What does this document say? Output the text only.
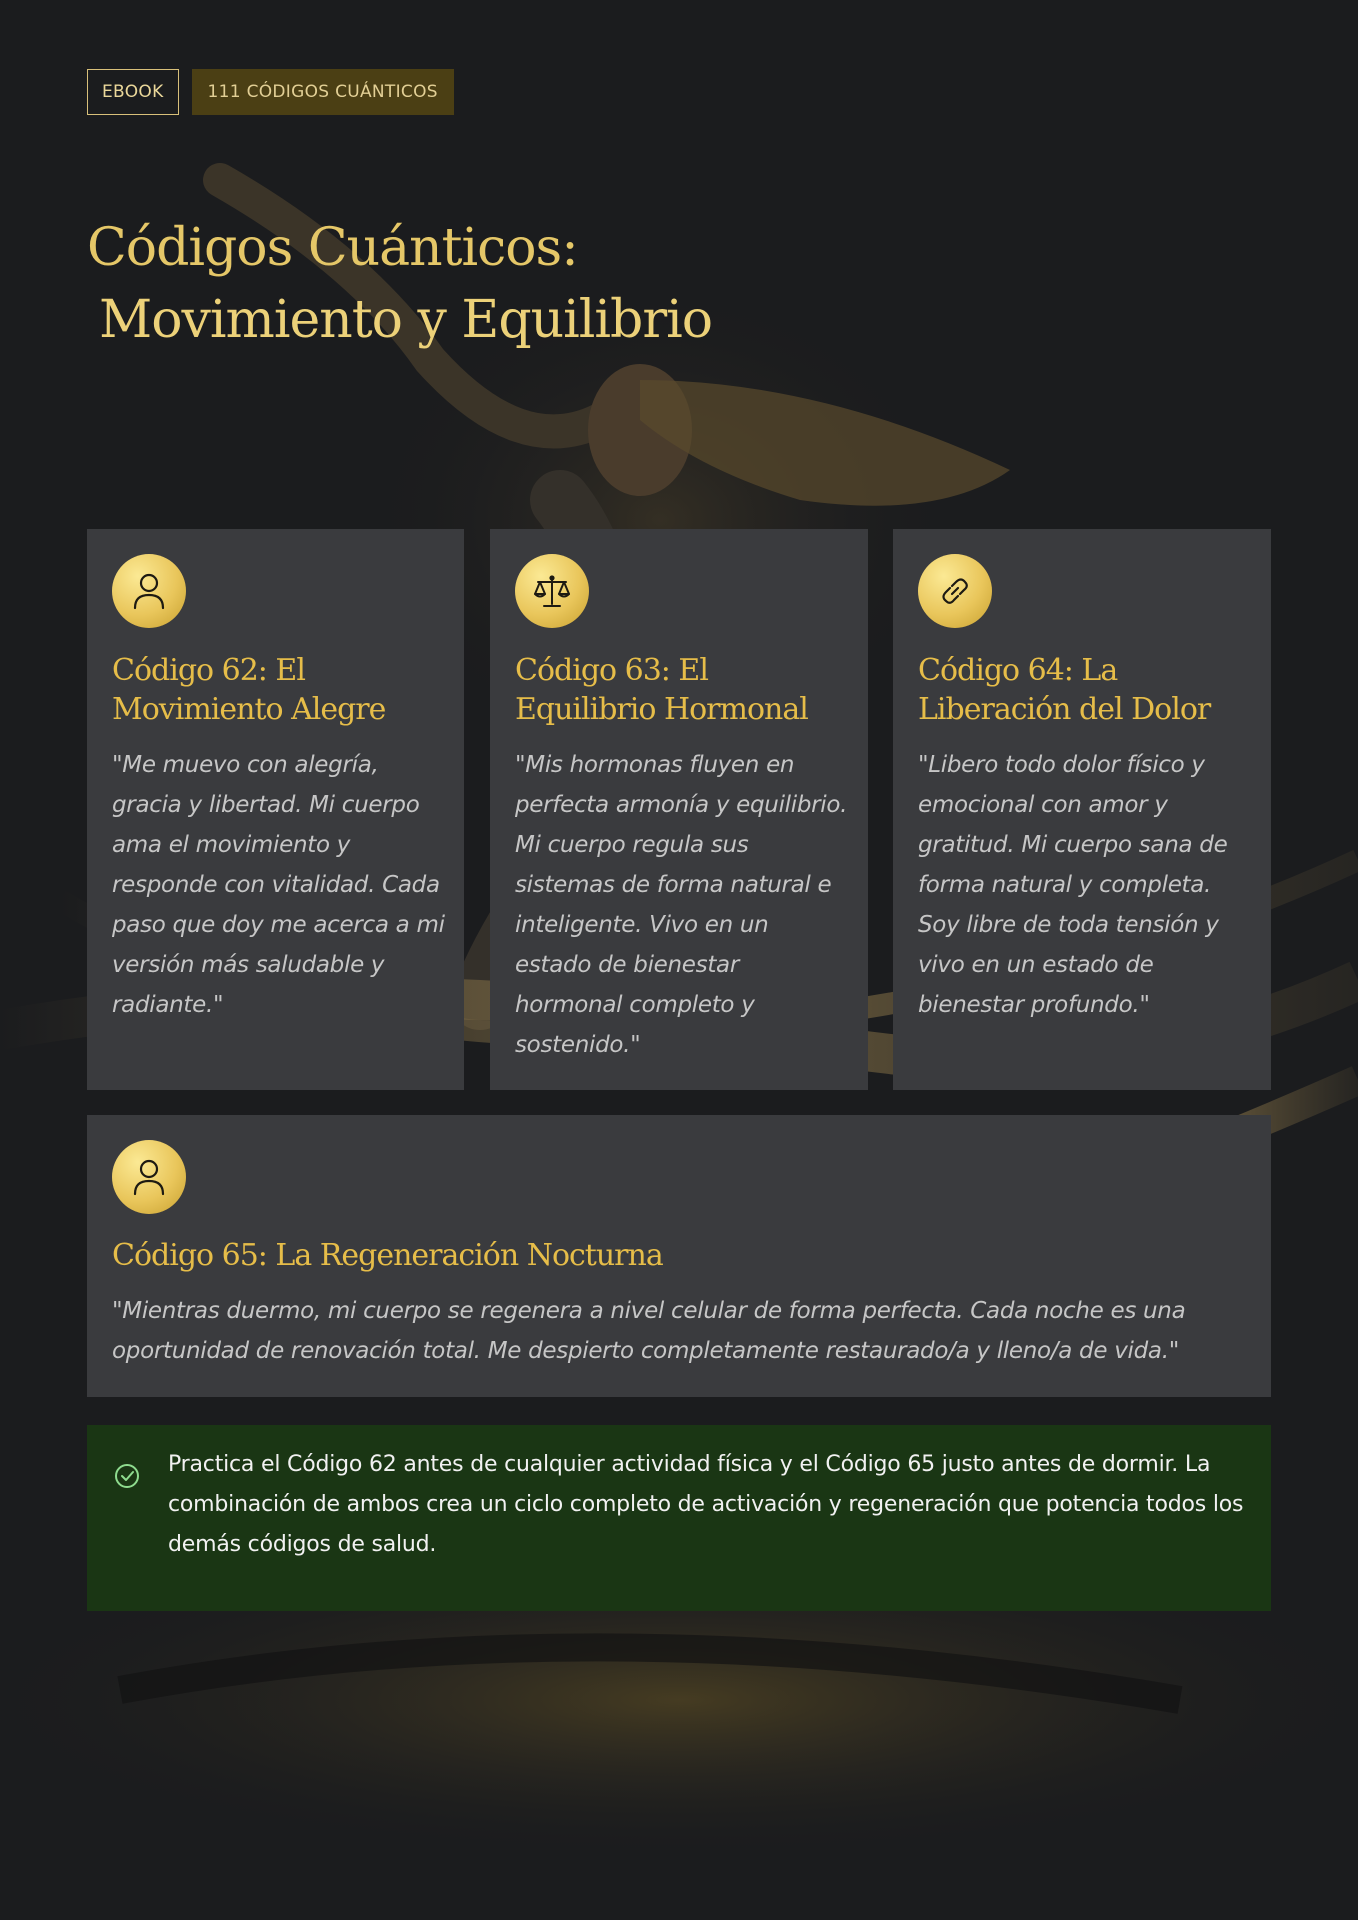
EBOOK	111 CÓDIGOS CUÁNTICOS
Códigos Cuánticos:
Movimiento y Equilibrio
Código 62: El Movimiento Alegre

"Me muevo con alegría, gracia y libertad. Mi cuerpo ama el movimiento y responde con vitalidad. Cada paso que doy me acerca a mi versión más saludable y radiante."

Código 63: El Equilibrio Hormonal

"Mis hormonas fluyen en perfecta armonía y equilibrio. Mi cuerpo regula sus sistemas de forma natural e inteligente. Vivo en un estado de bienestar hormonal completo y sostenido."

Código 64: La Liberación del Dolor

"Libero todo dolor físico y emocional con amor y gratitud. Mi cuerpo sana de forma natural y completa. Soy libre de toda tensión y vivo en un estado de bienestar profundo."

Código 65: La Regeneración Nocturna

"Mientras duermo, mi cuerpo se regenera a nivel celular de forma perfecta. Cada noche es una oportunidad de renovación total. Me despierto completamente restaurado/a y lleno/a de vida."

Practica el Código 62 antes de cualquier actividad física y el Código 65 justo antes de dormir. La combinación de ambos crea un ciclo completo de activación y regeneración que potencia todos los demás códigos de salud.
